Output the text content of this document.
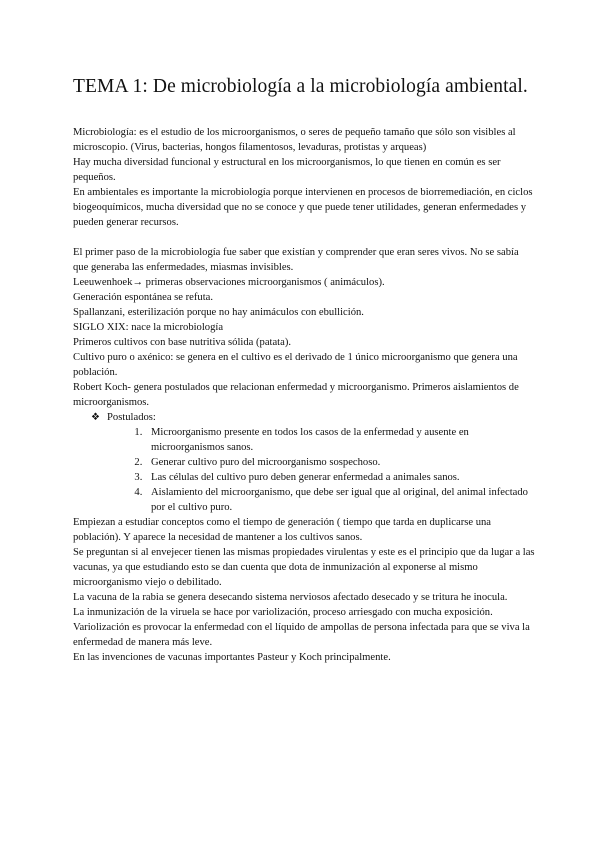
TEMA 1: De microbiología a la microbiología ambiental.

Microbiología: es el estudio de los microorganismos, o seres de pequeño tamaño que sólo son visibles al microscopio. (Virus, bacterias, hongos filamentosos, levaduras, protistas y arqueas)

Hay mucha diversidad funcional y estructural en los microorganismos, lo que tienen en común es ser pequeños.

En ambientales es importante la microbiología porque intervienen en procesos de biorremediación, en ciclos biogeoquímicos, mucha diversidad que no se conoce y que puede tener utilidades, generan enfermedades y pueden generar recursos.

El primer paso de la microbiología fue saber que existían y comprender que eran seres vivos. No se sabía que generaba las enfermedades, miasmas invisibles.

Leeuwenhoek→ primeras observaciones microorganismos ( animáculos).

Generación espontánea se refuta.

Spallanzani, esterilización porque no hay animáculos con ebullición.

SIGLO XIX: nace la microbiología

Primeros cultivos con base nutritiva sólida (patata).

Cultivo puro o axénico: se genera en el cultivo es el derivado de 1 único microorganismo que genera una población.

Robert Koch- genera postulados que relacionan enfermedad y microorganismo. Primeros aislamientos de microorganismos.

❖ Postulados:
1. Microorganismo presente en todos los casos de la enfermedad y ausente en microorganismos sanos.
2. Generar cultivo puro del microorganismo sospechoso.
3. Las células del cultivo puro deben generar enfermedad a animales sanos.
4. Aislamiento del microorganismo, que debe ser igual que al original, del animal infectado por el cultivo puro.

Empiezan a estudiar conceptos como el tiempo de generación ( tiempo que tarda en duplicarse una población). Y aparece la necesidad de mantener a los cultivos sanos.

Se preguntan si al envejecer tienen las mismas propiedades virulentas y este es el principio que da lugar a las vacunas, ya que estudiando esto se dan cuenta que dota de inmunización al exponerse al mismo microorganismo viejo o debilitado.

La vacuna de la rabia se genera desecando sistema nerviosos afectado desecado y se tritura he inocula.

La inmunización de la viruela se hace por variolización, proceso arriesgado con mucha exposición. Variolización es provocar la enfermedad con el líquido de ampollas de persona infectada para que se viva la enfermedad de manera más leve.

En las invenciones de vacunas importantes Pasteur y Koch principalmente.
